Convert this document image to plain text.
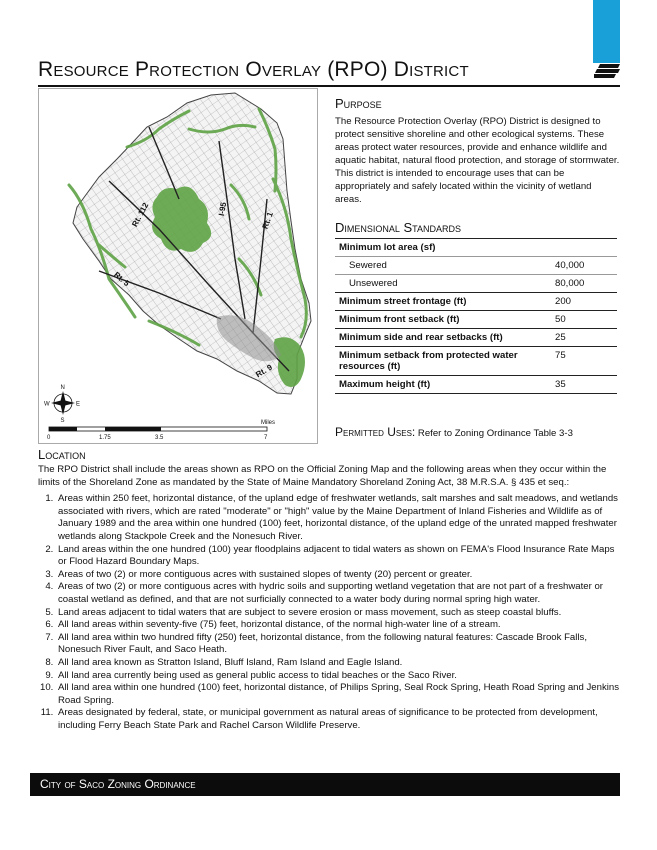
Resource Protection Overlay (RPO) District
Rt. 112	I-95
Rt. 1
Rt. 5
Rt. 9
N
S
E
W
Miles
0	1.75	3.5	7
Purpose

The Resource Protection Overlay (RPO) District is designed to protect sensitive shoreline and other ecological systems. These areas protect water resources, provide and enhance wildlife and aquatic habitat, natural flood protection, and storage of stormwater. This district is intended to encourage uses that can be appropriately and safely located within the vicinity of wetland areas.

Dimensional Standards
Minimum lot area (sf)	
Sewered	40,000
Unsewered	80,000
Minimum street frontage (ft)	200
Minimum front setback (ft)	50
Minimum side and rear setbacks (ft)	25
Minimum setback from protected water resources (ft)	75
Maximum height (ft)	35
Permitted Uses: Refer to Zoning Ordinance Table 3-3
Location

The RPO District shall include the areas shown as RPO on the Official Zoning Map and the following areas when they occur within the limits of the Shoreland Zone as mandated by the State of Maine Mandatory Shoreland Zoning Act, 38 M.R.S.A. § 435 et seq.:

1. Areas within 250 feet, horizontal distance, of the upland edge of freshwater wetlands, salt marshes and salt meadows, and wetlands associated with rivers, which are rated "moderate" or "high" value by the Maine Department of Inland Fisheries and Wildlife as of January 1989 and the area within one hundred (100) feet, horizontal distance, of the upland edge of the unrated mapped freshwater wetlands along Stackpole Creek and the Nonesuch River.
2. Land areas within the one hundred (100) year floodplains adjacent to tidal waters as shown on FEMA's Flood Insurance Rate Maps or Flood Hazard Boundary Maps.
3. Areas of two (2) or more contiguous acres with sustained slopes of twenty (20) percent or greater.
4. Areas of two (2) or more contiguous acres with hydric soils and supporting wetland vegetation that are not part of a freshwater or coastal wetland as defined, and that are not surficially connected to a water body during normal spring high water.
5. Land areas adjacent to tidal waters that are subject to severe erosion or mass movement, such as steep coastal bluffs.
6. All land areas within seventy-five (75) feet, horizontal distance, of the normal high-water line of a stream.
7. All land area within two hundred fifty (250) feet, horizontal distance, from the following natural features: Cascade Brook Falls, Nonesuch River Fault, and Saco Heath.
8. All land area known as Stratton Island, Bluff Island, Ram Island and Eagle Island.
9. All land area currently being used as general public access to tidal beaches or the Saco River.
10. All land area within one hundred (100) feet, horizontal distance, of Philips Spring, Seal Rock Spring, Heath Road Spring and Jenkins Road Spring.
11. Areas designated by federal, state, or municipal government as natural areas of significance to be protected from development, including Ferry Beach State Park and Rachel Carson Wildlife Preserve.
City of Saco Zoning Ordinance
